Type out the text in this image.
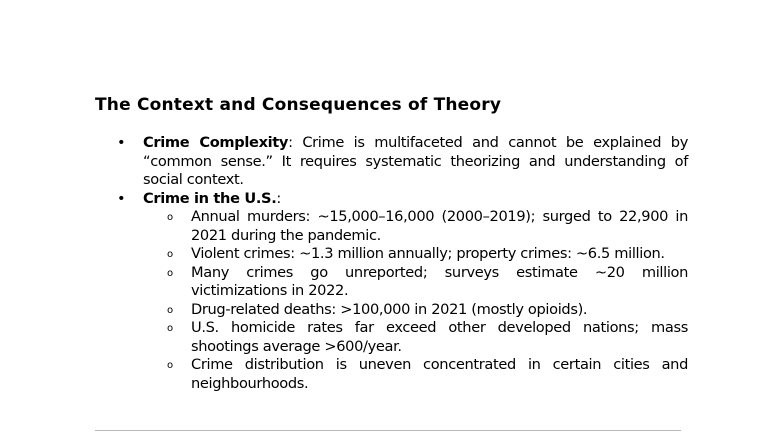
The Context and Consequences of Theory
• Crime Complexity: Crime is multifaceted and cannot be explained by “common sense.” It requires systematic theorizing and understanding of social context.
• Crime in the U.S.:
o Annual murders: ~15,000–16,000 (2000–2019); surged to 22,900 in 2021 during the pandemic.
o Violent crimes: ~1.3 million annually; property crimes: ~6.5 million.
o Many crimes go unreported; surveys estimate ~20 million victimizations in 2022.
o Drug-related deaths: >100,000 in 2021 (mostly opioids).
o U.S. homicide rates far exceed other developed nations; mass shootings average >600/year.
o Crime distribution is uneven concentrated in certain cities and neighbourhoods.
